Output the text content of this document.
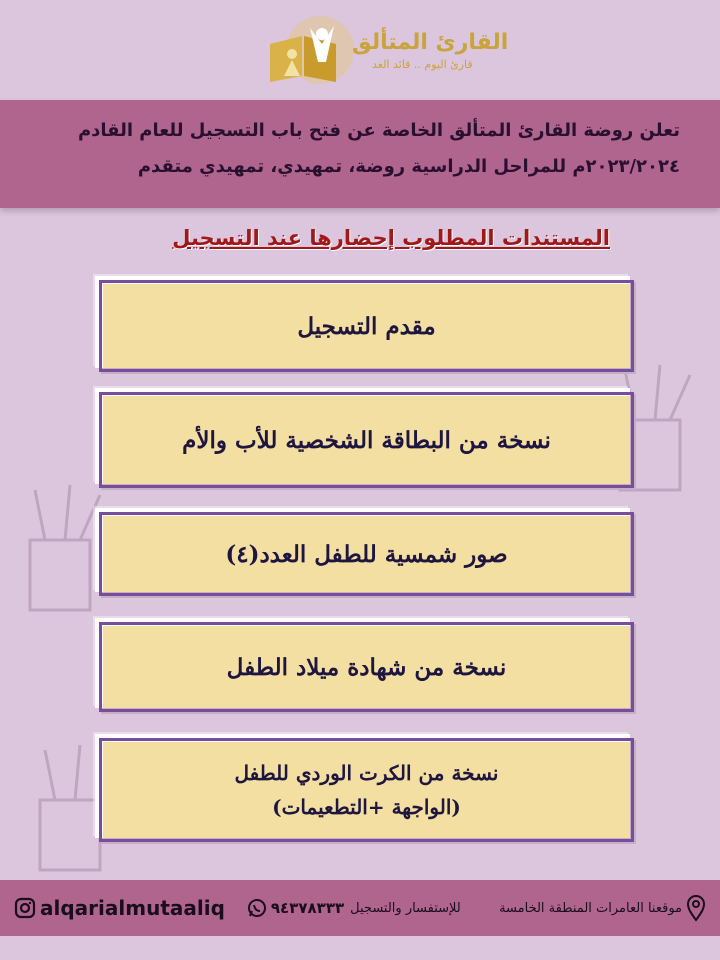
القارئ المتألق
قارئ اليوم .. قائد الغد
تعلن روضة القارئ المتألق الخاصة عن فتح باب التسجيل للعام القادم
٢٠٢٣/٢٠٢٤م للمراحل الدراسية روضة، تمهيدي، تمهيدي متقدم
المستندات المطلوب إحضارها عند التسجيل
مقدم التسجيل
نسخة من البطاقة الشخصية للأب والأم
صور شمسية للطفل العدد(٤)
نسخة من شهادة ميلاد الطفل
نسخة من الكرت الوردي للطفل
(الواجهة +التطعيمات)
alqarialmutaaliq	٩٤٣٧٨٣٣٣ للإستفسار والتسجيل	موقعنا العامرات المنطقة الخامسة
